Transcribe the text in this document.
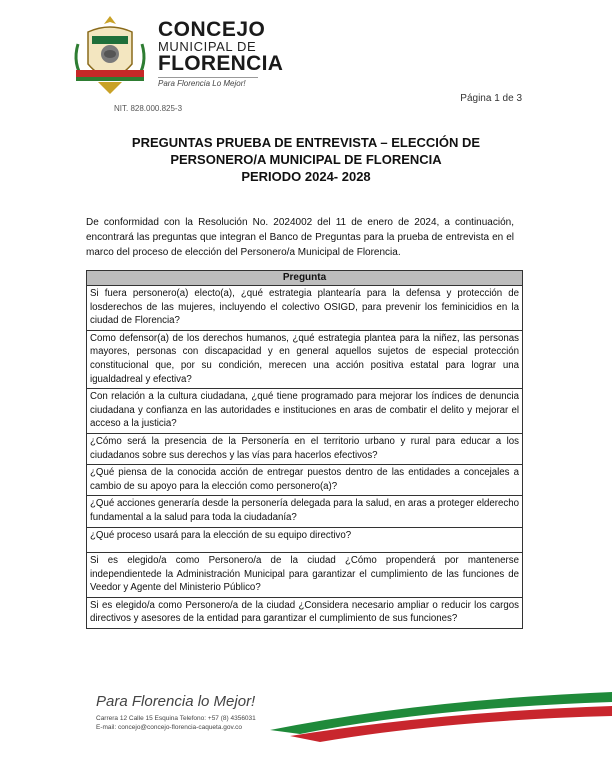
CONCEJO
MUNICIPAL DE
FLORENCIA
Para Florencia Lo Mejor!
NIT. 828.000.825-3
Página 1 de 3
PREGUNTAS PRUEBA DE ENTREVISTA – ELECCIÓN DE
PERSONERO/A MUNICIPAL DE FLORENCIA
PERIODO 2024- 2028

De conformidad con la Resolución No. 2024002 del 11 de enero de 2024, a continuación, encontrará las preguntas que integran el Banco de Preguntas para la prueba de entrevista en el marco del proceso de elección del Personero/a Municipal de Florencia.

Pregunta
Si fuera personero(a) electo(a), ¿qué estrategia plantearía para la defensa y protección de losderechos de las mujeres, incluyendo el colectivo OSIGD, para prevenir los feminicidios en la ciudad de Florencia?
Como defensor(a) de los derechos humanos, ¿qué estrategia plantea para la niñez, las personas mayores, personas con discapacidad y en general aquellos sujetos de especial protección constitucional que, por su condición, merecen una acción positiva estatal para lograr una igualdadreal y efectiva?
Con relación a la cultura ciudadana, ¿qué tiene programado para mejorar los índices de denuncia ciudadana y confianza en las autoridades e instituciones en aras de combatir el delito y mejorar el acceso a la justicia?
¿Cómo será la presencia de la Personería en el territorio urbano y rural para educar a los ciudadanos sobre sus derechos y las vías para hacerlos efectivos?
¿Qué piensa de la conocida acción de entregar puestos dentro de las entidades a concejales a cambio de su apoyo para la elección como personero(a)?
¿Qué acciones generaría desde la personería delegada para la salud, en aras a proteger elderecho fundamental a la salud para toda la ciudadanía?
¿Qué proceso usará para la elección de su equipo directivo?
Si es elegido/a como Personero/a de la ciudad ¿Cómo propenderá por mantenerse independientede la Administración Municipal para garantizar el cumplimiento de las funciones de Veedor y Agente del Ministerio Público?
Si es elegido/a como Personero/a de la ciudad ¿Considera necesario ampliar o reducir los cargos directivos y asesores de la entidad para garantizar el cumplimiento de sus funciones?
Para Florencia lo Mejor!
Carrera 12 Calle 15 Esquina Telefono: +57 (8) 4356031
E-mail: concejo@concejo-florencia-caqueta.gov.co
